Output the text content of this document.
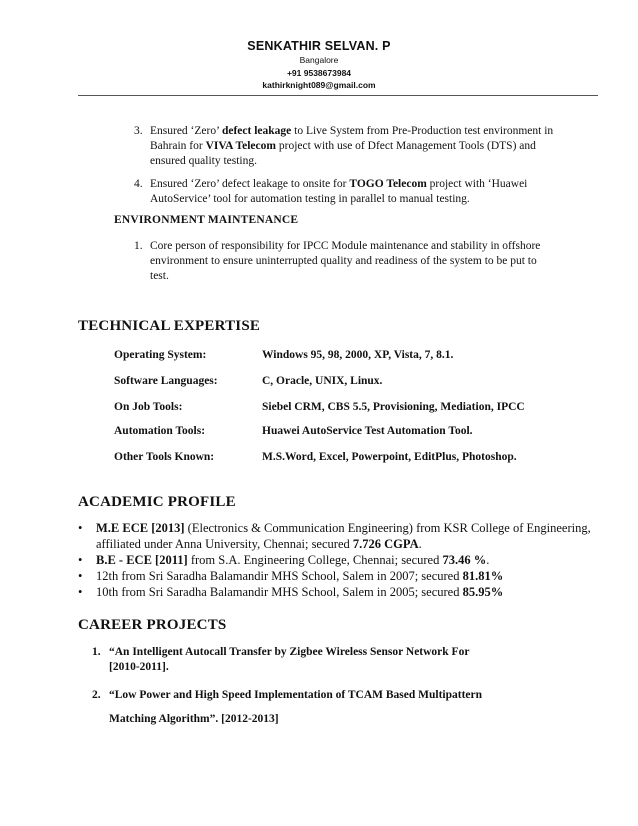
SENKATHIR SELVAN. P
Bangalore
+91 9538673984
kathirknight089@gmail.com
3. Ensured ‘Zero’ defect leakage to Live System from Pre-Production test environment in Bahrain for VIVA Telecom project with use of Dfect Management Tools (DTS) and ensured quality testing.
4. Ensured ‘Zero’ defect leakage to onsite for TOGO Telecom project with ‘Huawei AutoService’ tool for automation testing in parallel to manual testing.
ENVIRONMENT MAINTENANCE
1. Core person of responsibility for IPCC Module maintenance and stability in offshore environment to ensure uninterrupted quality and readiness of the system to be put to test.
TECHNICAL EXPERTISE
Operating System:	Windows 95, 98, 2000, XP, Vista, 7, 8.1.
Software Languages:	C, Oracle, UNIX, Linux.
On Job Tools:	Siebel CRM, CBS 5.5, Provisioning, Mediation, IPCC
Automation Tools:	Huawei AutoService Test Automation Tool.
Other Tools Known:	M.S.Word, Excel, Powerpoint, EditPlus, Photoshop.
ACADEMIC PROFILE
• M.E ECE [2013] (Electronics & Communication Engineering) from KSR College of Engineering, affiliated under Anna University, Chennai; secured 7.726 CGPA.
• B.E - ECE [2011] from S.A. Engineering College, Chennai; secured 73.46 %.
• 12th from Sri Saradha Balamandir MHS School, Salem in 2007; secured 81.81%
• 10th from Sri Saradha Balamandir MHS School, Salem in 2005; secured 85.95%
CAREER PROJECTS
1. “An Intelligent Autocall Transfer by Zigbee Wireless Sensor Network For
[2010-2011].
2. “Low Power and High Speed Implementation of TCAM Based Multipattern
Matching Algorithm”. [2012-2013]
